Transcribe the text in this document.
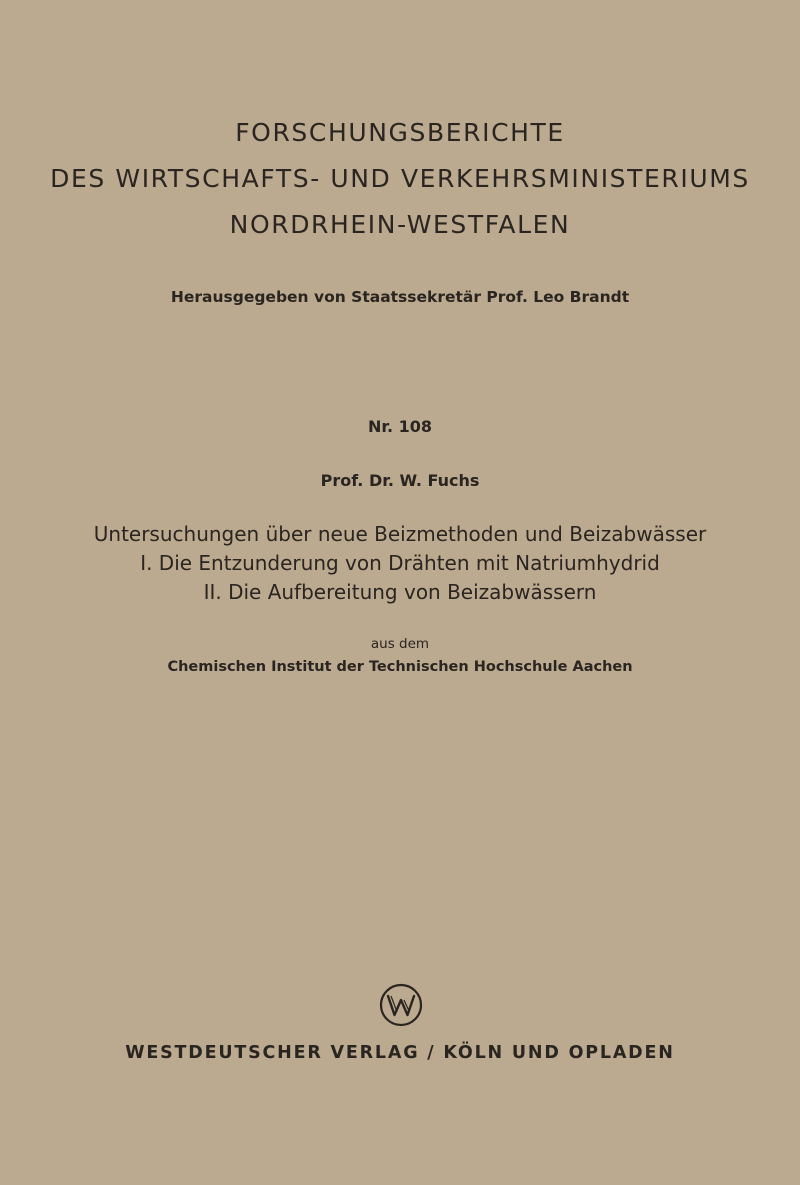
FORSCHUNGSBERICHTE
DES WIRTSCHAFTS- UND VERKEHRSMINISTERIUMS
NORDRHEIN-WESTFALEN
Herausgegeben von Staatssekretär Prof. Leo Brandt
Nr. 108
Prof. Dr. W. Fuchs
Untersuchungen über neue Beizmethoden und Beizabwässer
I. Die Entzunderung von Drähten mit Natriumhydrid
II. Die Aufbereitung von Beizabwässern
aus dem
Chemischen Institut der Technischen Hochschule Aachen
WESTDEUTSCHER VERLAG / KÖLN UND OPLADEN
